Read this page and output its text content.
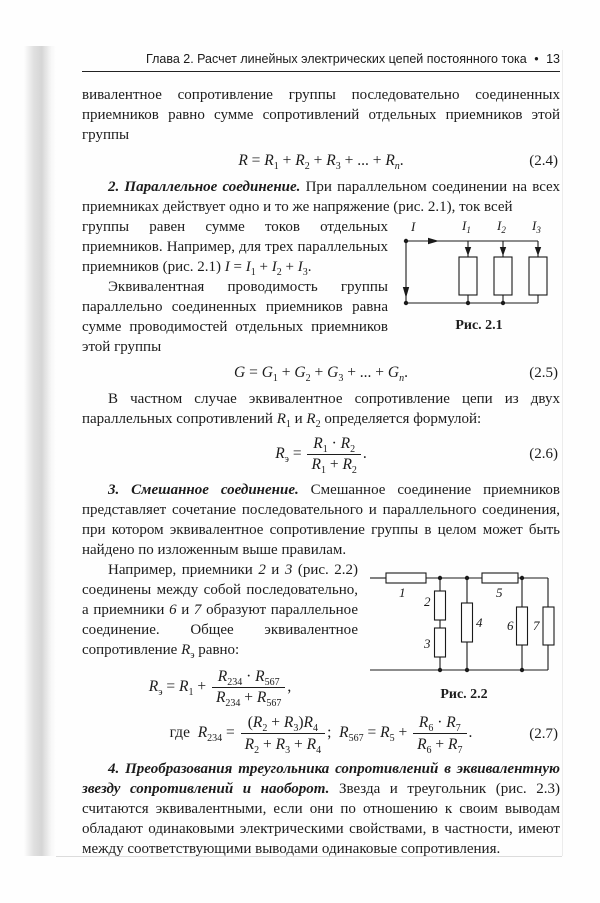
Глава 2. Расчет линейных электрических цепей постоянного тока • 13

вивалентное сопротивление группы последовательно соединенных приемников равно сумме сопротивлений отдельных приемников этой группы

$R = R_1 + R_2 + R_3$ + ... + $R_n$.	(2.4)

2. Параллельное соединение. При параллельном соединении на всех приемниках действует одно и то же напряжение (рис. 2.1), ток всей

группы равен сумме токов отдельных приемников. Например, для трех параллельных приемников (рис. 2.1) $I = I_1 + I_2 + I_3$.

Эквивалентная проводимость группы параллельно соединенных приемников равна сумме проводимостей отдельных приемников этой группы

I	$I_1$ $I_2$ $I_3$
Рис. 2.1
$G = G_1 + G_2 + G_3$ + ... + $G_n$.	(2.5)

В частном случае эквивалентное сопротивление цепи из двух параллельных сопротивлений $R_1$ и $R_2$ определяется формулой:

$R_э = \frac{R_1 \cdot R_2}{R_1 + R_2}$ .	(2.6)

3. Смешанное соединение. Смешанное соединение приемников представляет сочетание последовательного и параллельного соединения, при котором эквивалентное сопротивление группы в целом может быть найдено по изложенным выше правилам.

Например, приемники 2 и 3 (рис. 2.2) соединены между собой последовательно, а приемники 6 и 7 образуют параллельное соединение. Общее эквивалентное сопротивление $R_э$ равно:

$R_э = R_1 + \frac{R_{234} \cdot R_{567}}{R_{234} + R_{567}}$ ,
1
2
3
4
5
6 7
Рис. 2.2
где  $R_{234} = \frac{(R_2 + R_3)R_4}{R_2 + R_3 + R_4}$ ;  $R_{567} = R_5 + \frac{R_6 \cdot R_7}{R_6 + R_7}$ .	(2.7)

4. Преобразования треугольника сопротивлений в эквивалентную звезду сопротивлений и наоборот. Звезда и треугольник (рис. 2.3) считаются эквивалентными, если они по отношению к своим выводам обладают одинаковыми электрическими свойствами, в частности, имеют между соответствующими выводами одинаковые сопротивления.
